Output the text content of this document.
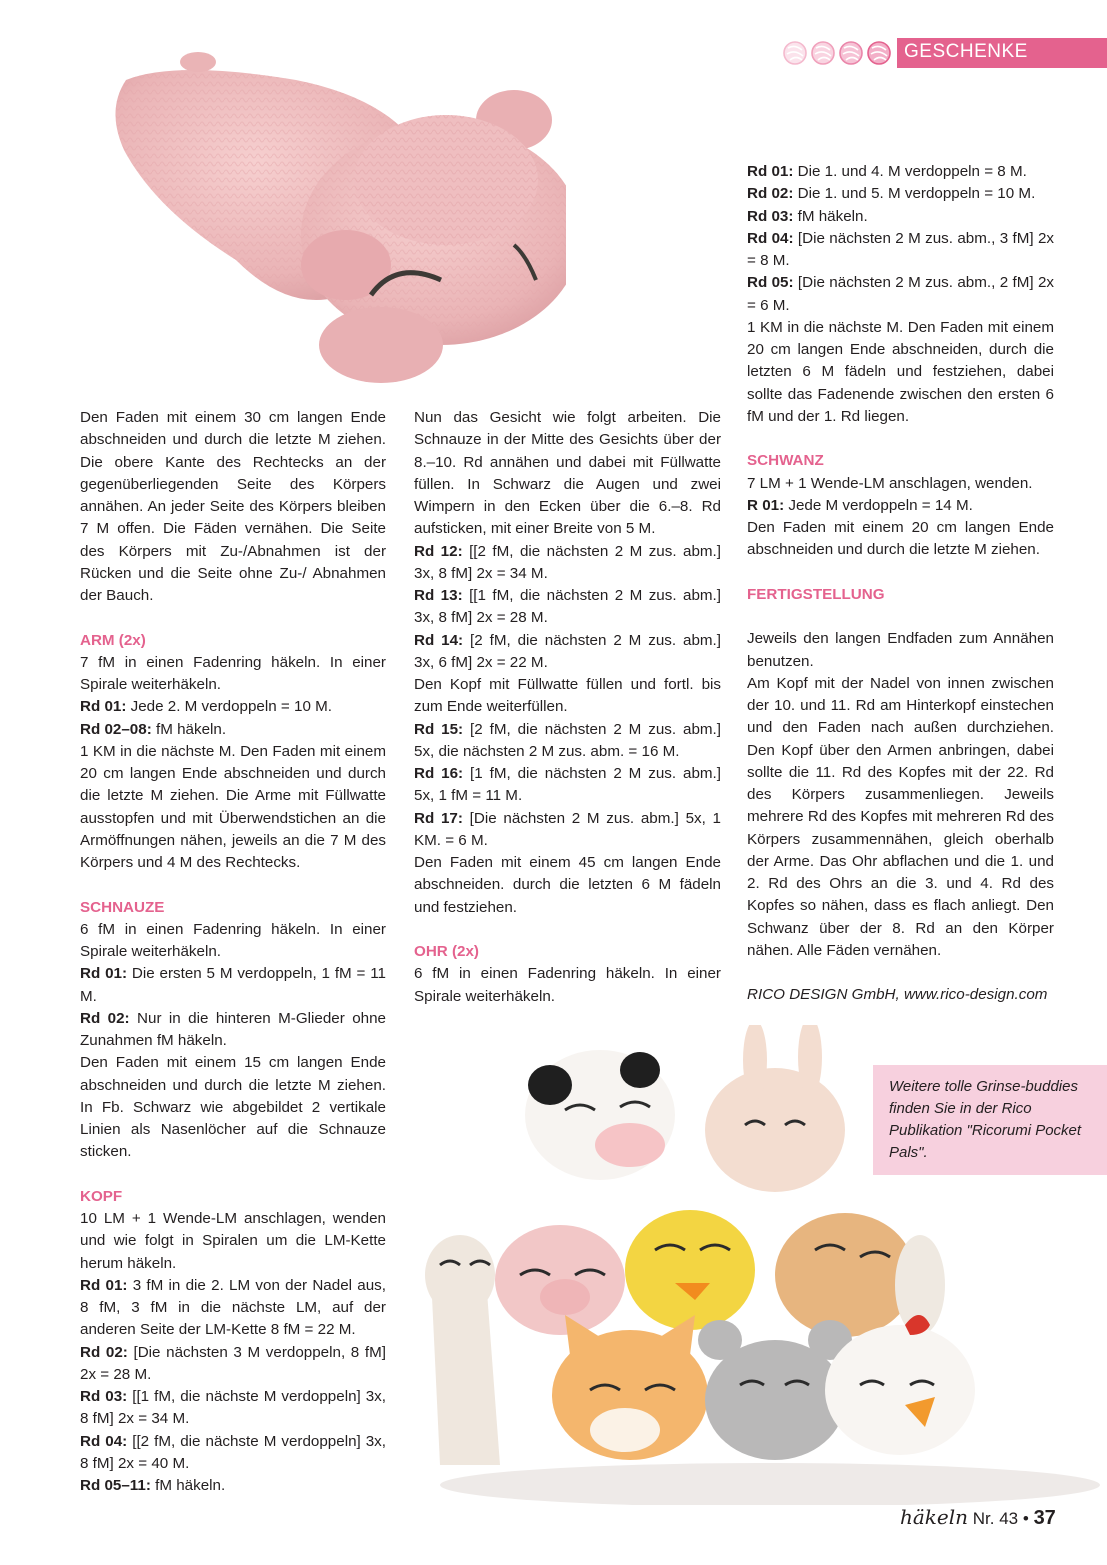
GESCHENKE

Den Faden mit einem 30 cm langen Ende abschneiden und durch die letzte M ziehen. Die obere Kante des Rechtecks an der gegenüberliegenden Seite des Körpers annähen. An jeder Seite des Körpers bleiben 7 M offen. Die Fäden vernähen. Die Seite des Körpers mit Zu-/Abnahmen ist der Rücken und die Seite ohne Zu-/ Abnahmen der Bauch.

ARM (2x)

7 fM in einen Fadenring häkeln. In einer Spirale weiterhäkeln.

Rd 01: Jede 2. M verdoppeln = 10 M.

Rd 02–08: fM häkeln.

1 KM in die nächste M. Den Faden mit einem 20 cm langen Ende abschneiden und durch die letzte M ziehen. Die Arme mit Füllwatte ausstopfen und mit Überwendstichen an die Armöffnungen nähen, jeweils an die 7 M des Körpers und 4 M des Rechtecks.

SCHNAUZE

6 fM in einen Fadenring häkeln. In einer Spirale weiterhäkeln.

Rd 01: Die ersten 5 M verdoppeln, 1 fM = 11 M.

Rd 02: Nur in die hinteren M-Glieder ohne Zunahmen fM häkeln.

Den Faden mit einem 15 cm langen Ende abschneiden und durch die letzte M ziehen. In Fb. Schwarz wie abgebildet 2 vertikale Linien als Nasenlöcher auf die Schnauze sticken.

KOPF

10 LM + 1 Wende-LM anschlagen, wenden und wie folgt in Spiralen um die LM-Kette herum häkeln.

Rd 01: 3 fM in die 2. LM von der Nadel aus, 8 fM, 3 fM in die nächste LM, auf der anderen Seite der LM-Kette 8 fM = 22 M.

Rd 02: [Die nächsten 3 M verdoppeln, 8 fM] 2x = 28 M.

Rd 03: [[1 fM, die nächste M verdoppeln] 3x, 8 fM] 2x = 34 M.

Rd 04: [[2 fM, die nächste M verdoppeln] 3x, 8 fM] 2x = 40 M.

Rd 05–11: fM häkeln.

Nun das Gesicht wie folgt arbeiten. Die Schnauze in der Mitte des Gesichts über der 8.–10. Rd annähen und dabei mit Füllwatte füllen. In Schwarz die Augen und zwei Wimpern in den Ecken über die 6.–8. Rd aufsticken, mit einer Breite von 5 M.

Rd 12: [[2 fM, die nächsten 2 M zus. abm.] 3x, 8 fM] 2x = 34 M.

Rd 13: [[1 fM, die nächsten 2 M zus. abm.] 3x, 8 fM] 2x = 28 M.

Rd 14: [2 fM, die nächsten 2 M zus. abm.] 3x, 6 fM] 2x = 22 M.

Den Kopf mit Füllwatte füllen und fortl. bis zum Ende weiterfüllen.

Rd 15: [2 fM, die nächsten 2 M zus. abm.] 5x, die nächsten 2 M zus. abm. = 16 M.

Rd 16: [1 fM, die nächsten 2 M zus. abm.] 5x, 1 fM = 11 M.

Rd 17: [Die nächsten 2 M zus. abm.] 5x, 1 KM. = 6 M.

Den Faden mit einem 45 cm langen Ende abschneiden. durch die letzten 6 M fädeln und festziehen.

OHR (2x)

6 fM in einen Fadenring häkeln. In einer Spirale weiterhäkeln.

Rd 01: Die 1. und 4. M verdoppeln = 8 M.

Rd 02: Die 1. und 5. M verdoppeln = 10 M.

Rd 03: fM häkeln.

Rd 04: [Die nächsten 2 M zus. abm., 3 fM] 2x = 8 M.

Rd 05: [Die nächsten 2 M zus. abm., 2 fM] 2x = 6 M.

1 KM in die nächste M. Den Faden mit einem 20 cm langen Ende abschneiden, durch die letzten 6 M fädeln und festziehen, dabei sollte das Fadenende zwischen den ersten 6 fM und der 1. Rd liegen.

SCHWANZ

7 LM + 1 Wende-LM anschlagen, wenden.

R 01: Jede M verdoppeln = 14 M.

Den Faden mit einem 20 cm langen Ende abschneiden und durch die letzte M ziehen.

FERTIGSTELLUNG

Jeweils den langen Endfaden zum Annähen benutzen.

Am Kopf mit der Nadel von innen zwischen der 10. und 11. Rd am Hinterkopf einstechen und den Faden nach außen durchziehen. Den Kopf über den Armen anbringen, dabei sollte die 11. Rd des Kopfes mit der 22. Rd des Körpers zusammenliegen. Jeweils mehrere Rd des Kopfes mit mehreren Rd des Körpers zusammennähen, gleich oberhalb der Arme. Das Ohr abflachen und die 1. und 2. Rd des Ohrs an die 3. und 4. Rd des Kopfes so nähen, dass es flach anliegt. Den Schwanz über der 8. Rd an den Körper nähen. Alle Fäden vernähen.

RICO DESIGN GmbH, www.rico-design.com

Weitere tolle Grinse-buddies finden Sie in der Rico Publikation "Ricorumi Pocket Pals".
häkeln Nr. 43 • 37
